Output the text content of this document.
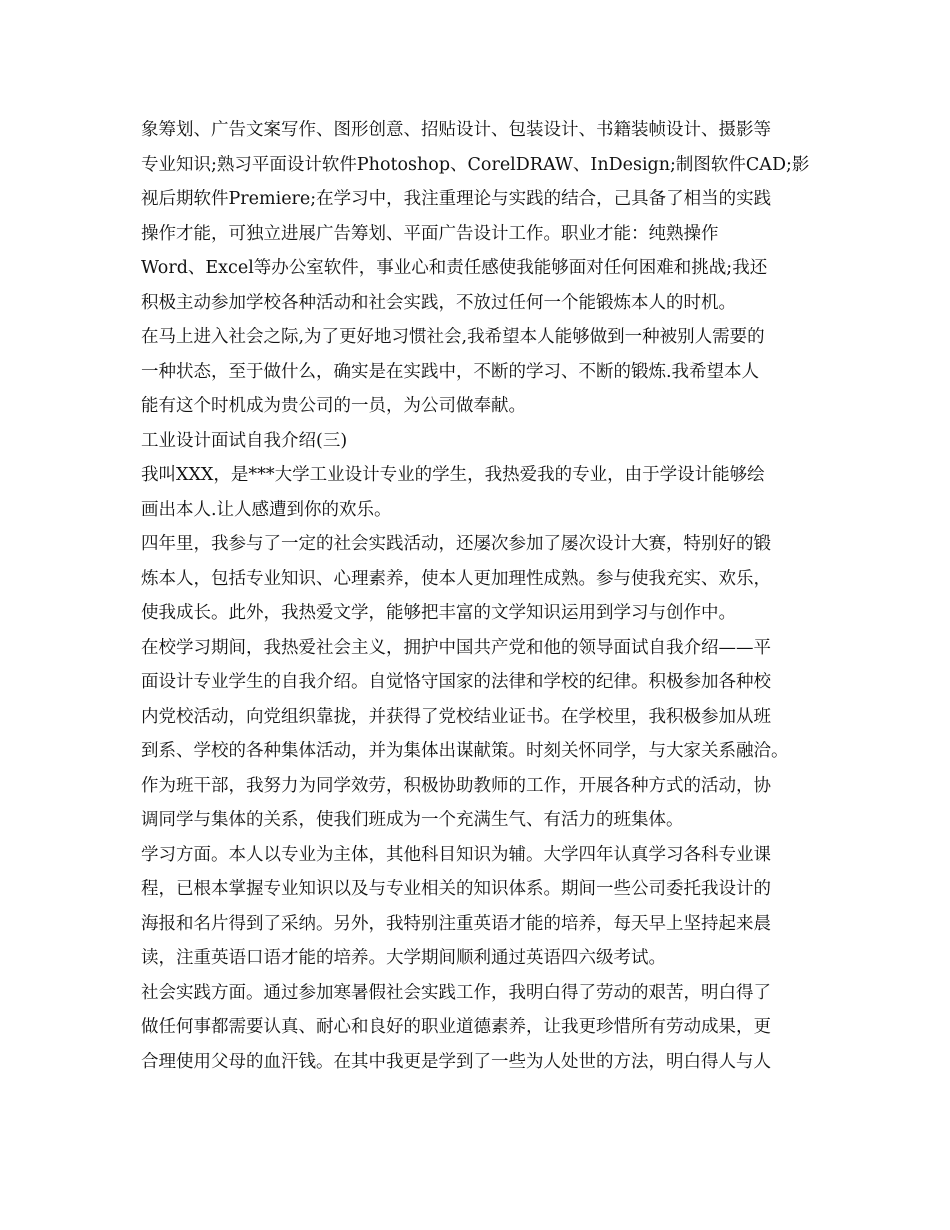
象筹划、广告文案写作、图形创意、招贴设计、包装设计、书籍装帧设计、摄影等
专业知识;熟习平面设计软件Photoshop、CorelDRAW、InDesign;制图软件CAD;影
视后期软件Premiere;在学习中，我注重理论与实践的结合，己具备了相当的实践
操作才能，可独立进展广告筹划、平面广告设计工作。职业才能：纯熟操作
Word、Excel等办公室软件，事业心和责任感使我能够面对任何困难和挑战;我还
积极主动参加学校各种活动和社会实践，不放过任何一个能锻炼本人的时机。
在马上进入社会之际,为了更好地习惯社会,我希望本人能够做到一种被别人需要的
一种状态，至于做什么，确实是在实践中，不断的学习、不断的锻炼.我希望本人
能有这个时机成为贵公司的一员，为公司做奉献。
工业设计面试自我介绍(三)
我叫XXX，是***大学工业设计专业的学生，我热爱我的专业，由于学设计能够绘
画出本人.让人感遭到你的欢乐。
四年里，我参与了一定的社会实践活动，还屡次参加了屡次设计大赛，特别好的锻
炼本人，包括专业知识、心理素养，使本人更加理性成熟。参与使我充实、欢乐，
使我成长。此外，我热爱文学，能够把丰富的文学知识运用到学习与创作中。
在校学习期间，我热爱社会主义，拥护中国共产党和他的领导面试自我介绍——平
面设计专业学生的自我介绍。自觉恪守国家的法律和学校的纪律。积极参加各种校
内党校活动，向党组织靠拢，并获得了党校结业证书。在学校里，我积极参加从班
到系、学校的各种集体活动，并为集体出谋献策。时刻关怀同学，与大家关系融洽。
作为班干部，我努力为同学效劳，积极协助教师的工作，开展各种方式的活动，协
调同学与集体的关系，使我们班成为一个充满生气、有活力的班集体。
学习方面。本人以专业为主体，其他科目知识为辅。大学四年认真学习各科专业课
程，已根本掌握专业知识以及与专业相关的知识体系。期间一些公司委托我设计的
海报和名片得到了采纳。另外，我特别注重英语才能的培养，每天早上坚持起来晨
读，注重英语口语才能的培养。大学期间顺利通过英语四六级考试。
社会实践方面。通过参加寒暑假社会实践工作，我明白得了劳动的艰苦，明白得了
做任何事都需要认真、耐心和良好的职业道德素养，让我更珍惜所有劳动成果，更
合理使用父母的血汗钱。在其中我更是学到了一些为人处世的方法，明白得人与人
